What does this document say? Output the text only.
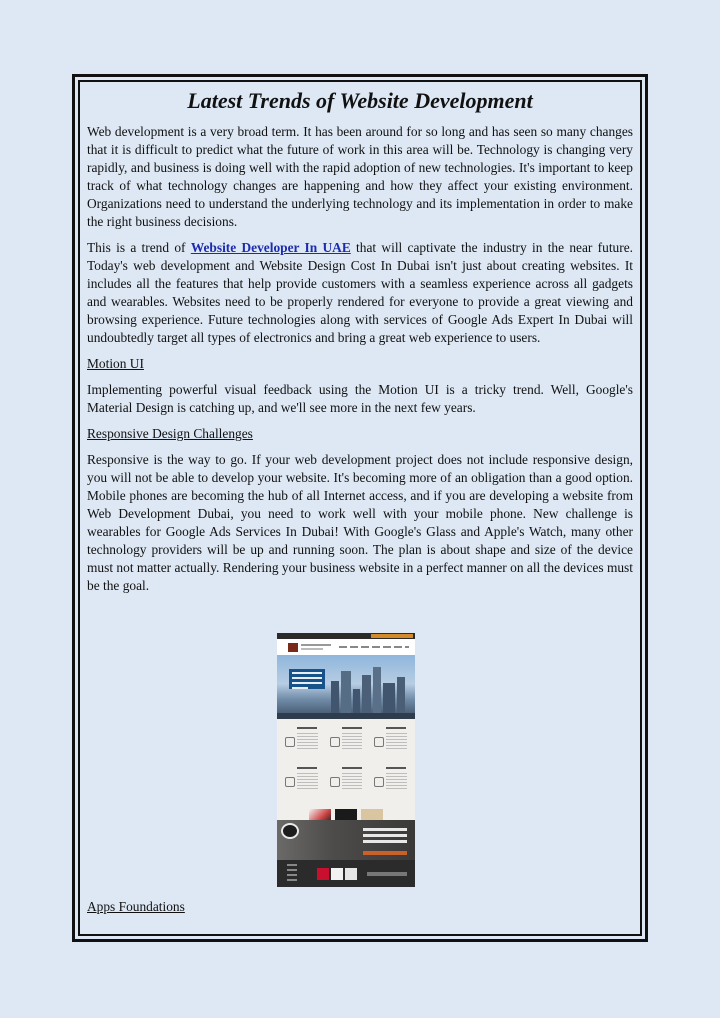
Latest Trends of Website Development

Web development is a very broad term. It has been around for so long and has seen so many changes that it is difficult to predict what the future of work in this area will be. Technology is changing very rapidly, and business is doing well with the rapid adoption of new technologies. It's important to keep track of what technology changes are happening and how they affect your existing environment. Organizations need to understand the underlying technology and its implementation in order to make the right business decisions.

This is a trend of Website Developer In UAE that will captivate the industry in the near future. Today's web development and Website Design Cost In Dubai isn't just about creating websites. It includes all the features that help provide customers with a seamless experience across all gadgets and wearables. Websites need to be properly rendered for everyone to provide a great viewing and browsing experience. Future technologies along with services of Google Ads Expert In Dubai will undoubtedly target all types of electronics and bring a great web experience to users.

Motion UI

Implementing powerful visual feedback using the Motion UI is a tricky trend. Well, Google's Material Design is catching up, and we'll see more in the next few years.

Responsive Design Challenges

Responsive is the way to go. If your web development project does not include responsive design, you will not be able to develop your website. It's becoming more of an obligation than a good option. Mobile phones are becoming the hub of all Internet access, and if you are developing a website from Web Development Dubai, you need to work well with your mobile phone. New challenge is wearables for Google Ads Services In Dubai! With Google's Glass and Apple's Watch, many other technology providers will be up and running soon. The plan is about shape and size of the device must not matter actually. Rendering your business website in a perfect manner on all the devices must be the goal.

Apps Foundations
